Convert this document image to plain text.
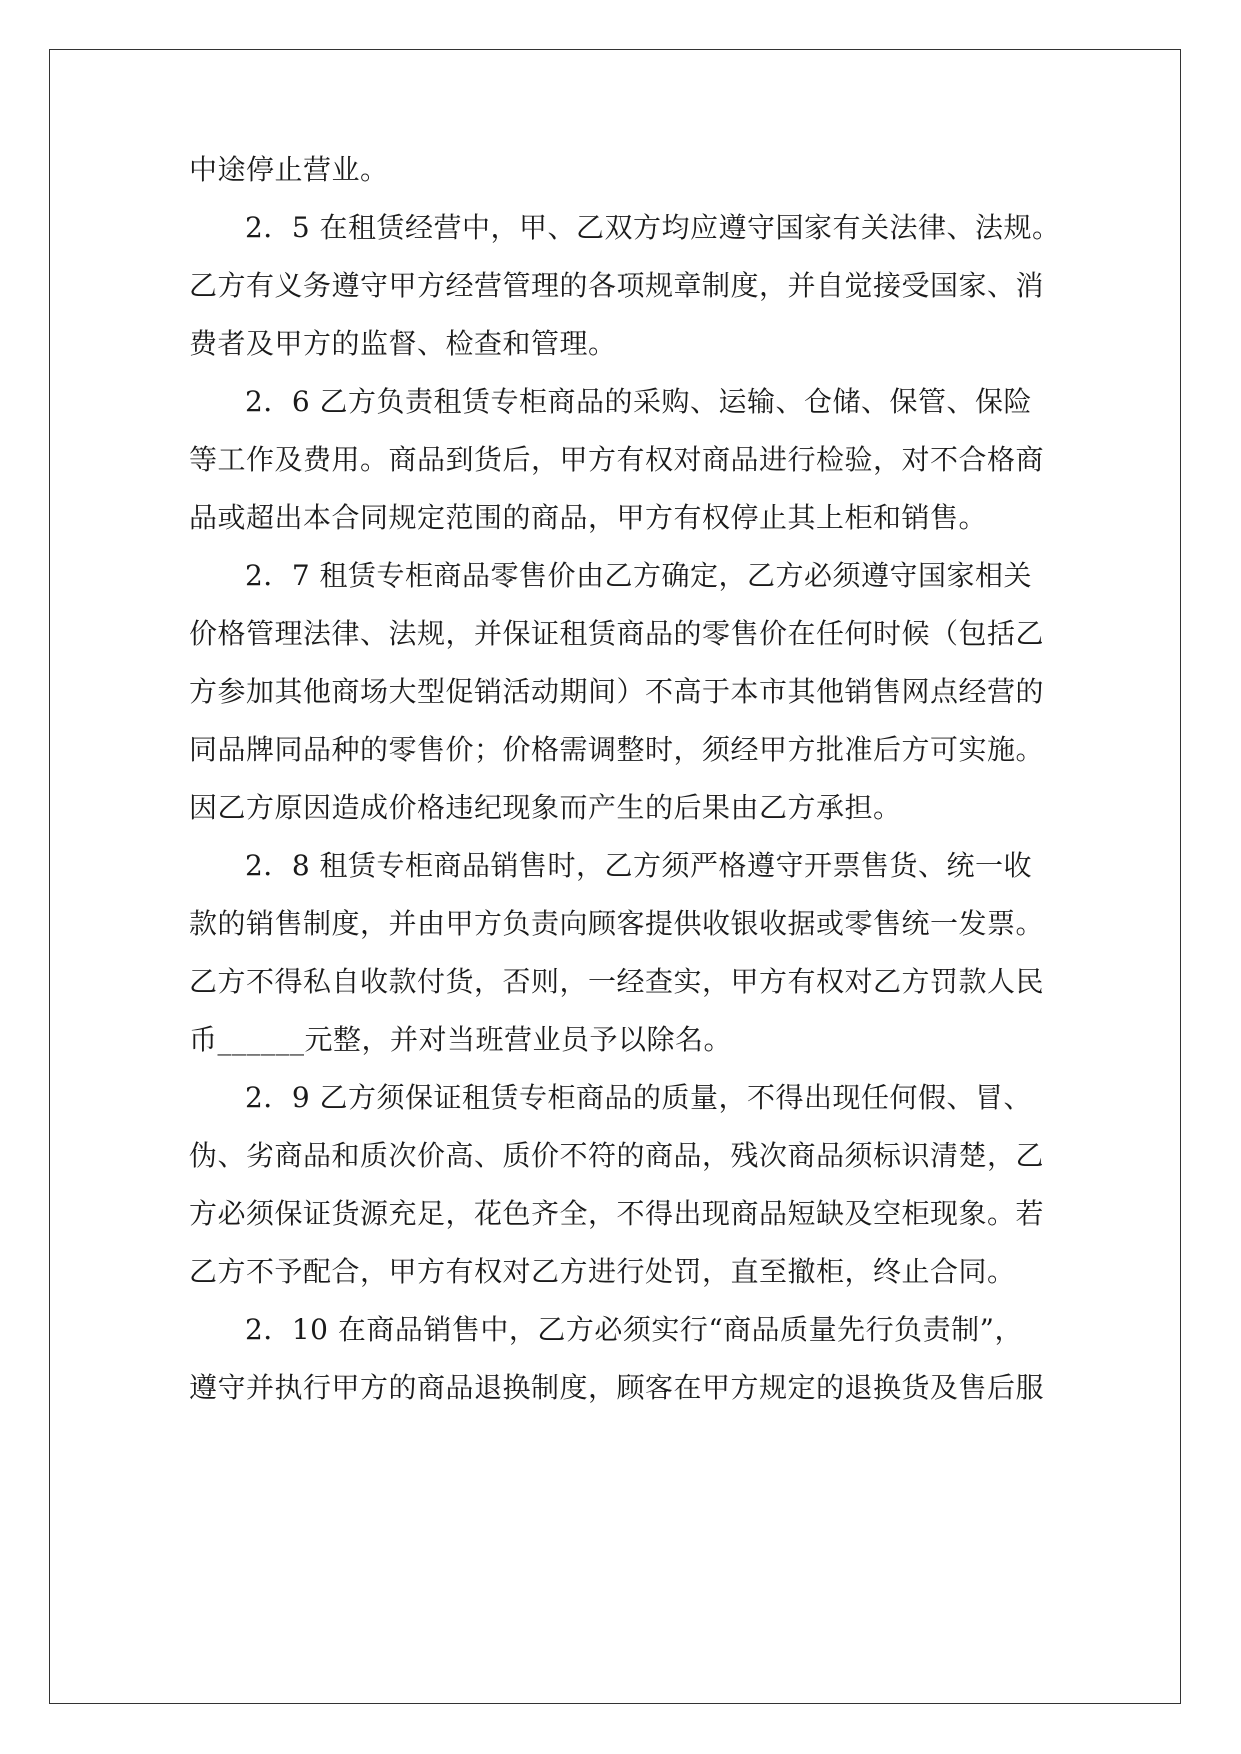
中途停止营业。
2．5 在租赁经营中，甲、乙双方均应遵守国家有关法律、法规。
乙方有义务遵守甲方经营管理的各项规章制度，并自觉接受国家、消
费者及甲方的监督、检查和管理。
2．6 乙方负责租赁专柜商品的采购、运输、仓储、保管、保险
等工作及费用。商品到货后，甲方有权对商品进行检验，对不合格商
品或超出本合同规定范围的商品，甲方有权停止其上柜和销售。
2．7 租赁专柜商品零售价由乙方确定，乙方必须遵守国家相关
价格管理法律、法规，并保证租赁商品的零售价在任何时候（包括乙
方参加其他商场大型促销活动期间）不高于本市其他销售网点经营的
同品牌同品种的零售价；价格需调整时，须经甲方批准后方可实施。
因乙方原因造成价格违纪现象而产生的后果由乙方承担。
2．8 租赁专柜商品销售时，乙方须严格遵守开票售货、统一收
款的销售制度，并由甲方负责向顾客提供收银收据或零售统一发票。
乙方不得私自收款付货，否则，一经查实，甲方有权对乙方罚款人民
币______元整，并对当班营业员予以除名。
2．9 乙方须保证租赁专柜商品的质量，不得出现任何假、冒、
伪、劣商品和质次价高、质价不符的商品，残次商品须标识清楚，乙
方必须保证货源充足，花色齐全，不得出现商品短缺及空柜现象。若
乙方不予配合，甲方有权对乙方进行处罚，直至撤柜，终止合同。
2．10 在商品销售中，乙方必须实行“商品质量先行负责制”，
遵守并执行甲方的商品退换制度，顾客在甲方规定的退换货及售后服
